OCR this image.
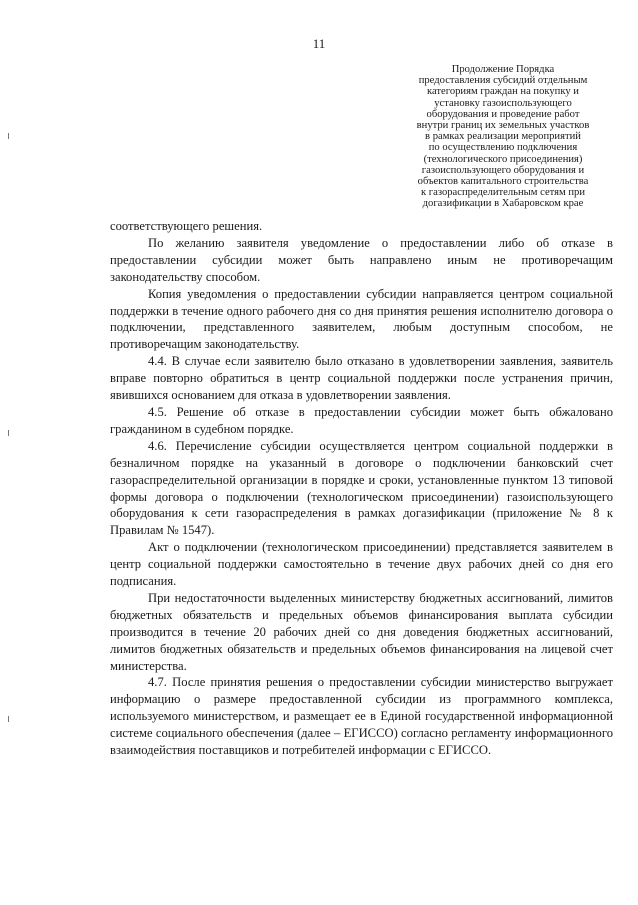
11
Продолжение Порядка
предоставления субсидий отдельным
категориям граждан на покупку и
установку газоиспользующего
оборудования и проведение работ
внутри границ их земельных участков
в рамках реализации мероприятий
по осуществлению подключения
(технологического присоединения)
газоиспользующего оборудования и
объектов капитального строительства
к газораспределительным сетям при
догазификации в Хабаровском крае

соответствующего решения.

По желанию заявителя уведомление о предоставлении либо об отказе в предоставлении субсидии может быть направлено иным не противоречащим законодательству способом.

Копия уведомления о предоставлении субсидии направляется центром социальной поддержки в течение одного рабочего дня со дня принятия решения исполнителю договора о подключении, представленного заявителем, любым доступным способом, не противоречащим законодательству.

4.4. В случае если заявителю было отказано в удовлетворении заявления, заявитель вправе повторно обратиться в центр социальной поддержки после устранения причин, явившихся основанием для отказа в удовлетворении заявления.

4.5. Решение об отказе в предоставлении субсидии может быть обжаловано гражданином в судебном порядке.

4.6. Перечисление субсидии осуществляется центром социальной поддержки в безналичном порядке на указанный в договоре о подключении банковский счет газораспределительной организации в порядке и сроки, установленные пунктом 13 типовой формы договора о подключении (технологическом присоединении) газоиспользующего оборудования к сети газораспределения в рамках догазификации (приложение № 8 к Правилам № 1547).

Акт о подключении (технологическом присоединении) представляется заявителем в центр социальной поддержки самостоятельно в течение двух рабочих дней со дня его подписания.

При недостаточности выделенных министерству бюджетных ассигнований, лимитов бюджетных обязательств и предельных объемов финансирования выплата субсидии производится в течение 20 рабочих дней со дня доведения бюджетных ассигнований, лимитов бюджетных обязательств и предельных объемов финансирования на лицевой счет министерства.

4.7. После принятия решения о предоставлении субсидии министерство выгружает информацию о размере предоставленной субсидии из программного комплекса, используемого министерством, и размещает ее в Единой государственной информационной системе социального обеспечения (далее – ЕГИССО) согласно регламенту информационного взаимодействия поставщиков и потребителей информации с ЕГИССО.
